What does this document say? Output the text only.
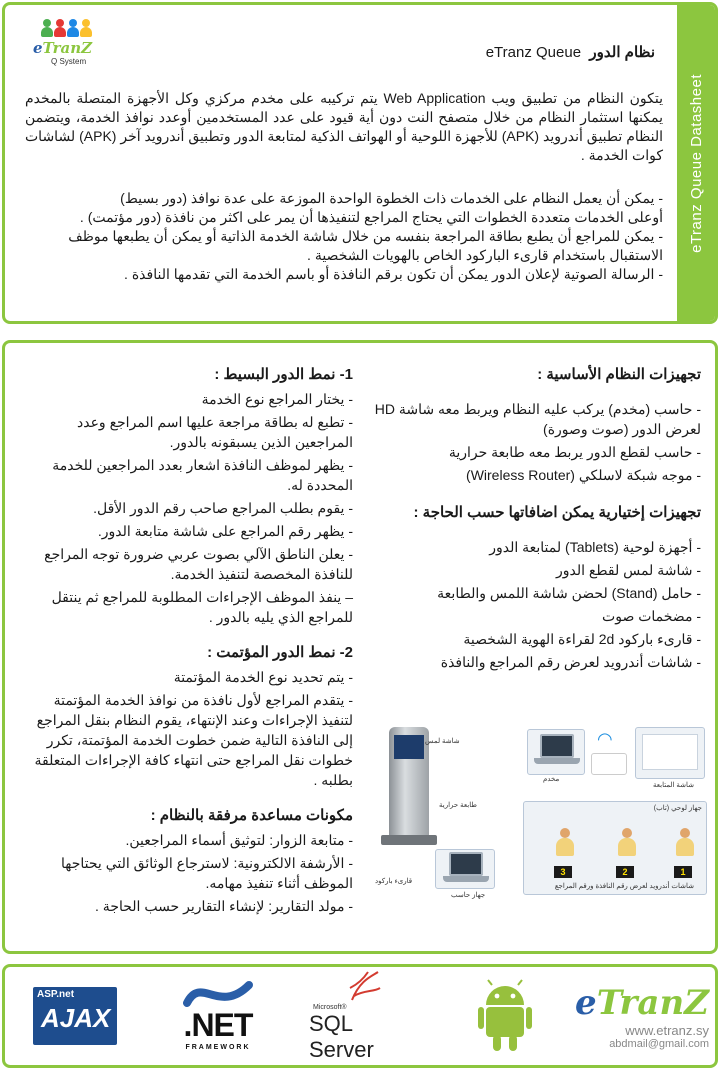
eTranz Queue Datasheet
eTranZ
Q System
نظام الدور  eTranz Queue

يتكون النظام من تطبيق ويب Web Application يتم تركيبه على مخدم مركزي وكل الأجهزة المتصلة بالمخدم يمكنها استثمار النظام من خلال متصفح النت دون أية قيود على عدد المستخدمين أوعدد نوافذ الخدمة، ويتضمن النظام تطبيق أندرويد (APK) للأجهزة اللوحية أو الهواتف الذكية لمتابعة الدور وتطبيق أندرويد آخر (APK) لشاشات كوات الخدمة .

- يمكن أن يعمل النظام على الخدمات ذات الخطوة الواحدة الموزعة على عدة نوافذ (دور بسيط)
أوعلى الخدمات متعددة الخطوات التي يحتاج المراجع لتنفيذها أن يمر على اكثر من نافذة (دور مؤتمت) .
- يمكن للمراجع أن يطبع بطاقة المراجعة بنفسه من خلال شاشة الخدمة الذاتية أو يمكن أن يطبعها موظف الاستقبال باستخدام قارىء الباركود الخاص بالهويات الشخصية .
- الرسالة الصوتية لإعلان الدور يمكن أن تكون برقم النافذة أو باسم الخدمة التي تقدمها النافذة .
تجهيزات النظام الأساسية :
- حاسب (مخدم) يركب عليه النظام ويربط معه شاشة HD لعرض الدور (صوت وصورة)
- حاسب لقطع الدور يربط معه طابعة حرارية
- موجه شبكة لاسلكي (Wireless Router)
تجهيزات إختيارية يمكن اضافاتها حسب الحاجة :
- أجهزة لوحية (Tablets) لمتابعة الدور
- شاشة لمس لقطع الدور
- حامل (Stand) لحضن شاشة اللمس والطابعة
- مضخمات صوت
- قارىء باركود 2d لقراءة الهوية الشخصية
- شاشات أندرويد لعرض رقم المراجع والنافذة
1- نمط الدور البسيط :
- يختار المراجع نوع الخدمة
- تطبع له بطاقة مراجعة عليها اسم المراجع وعدد المراجعين الذين يسبقونه بالدور.
- يظهر لموظف النافذة اشعار بعدد المراجعين للخدمة المحددة له.
- يقوم بطلب المراجع صاحب رقم الدور الأقل.
- يظهر رقم المراجع على شاشة متابعة الدور.
- يعلن الناطق الآلي بصوت عربي ضرورة توجه المراجع للنافذة المخصصة لتنفيذ الخدمة.
– ينفذ الموظف الإجراءات المطلوبة للمراجع ثم ينتقل للمراجع الذي يليه بالدور .
2- نمط الدور المؤتمت :
- يتم تحديد نوع الخدمة المؤتمتة
- يتقدم المراجع لأول نافذة من نوافذ الخدمة المؤتمتة لتنفيذ الإجراءات وعند الإنتهاء، يقوم النظام بنقل المراجع إلى النافذة التالية ضمن خطوت الخدمة المؤتمتة، تكرر خطوات نقل المراجع حتى انتهاء كافة الإجراءات المتعلقة بطلبه .
مكونات مساعدة مرفقة بالنظام :
- متابعة الزوار: لتوثيق أسماء المراجعين.
- الأرشفة الالكترونية: لاسترجاع الوثائق التي يحتاجها الموظف أثناء تنفيذ مهامه.
- مولد التقارير: لإنشاء التقارير حسب الحاجة .
شاشة لمس
طابعة حرارية
جهاز حاسب
قارىء باركود
مخدم
◠
شاشة المتابعة
جهاز لوحي (تاب)
1
2
3
شاشات أندرويد لعرض رقم النافذة ورقم المراجع
ASP.net
AJAX .NET
FRAMEWORK
Microsoft®
SQL Server
eTranZ
www.etranz.sy
abdmail@gmail.com
